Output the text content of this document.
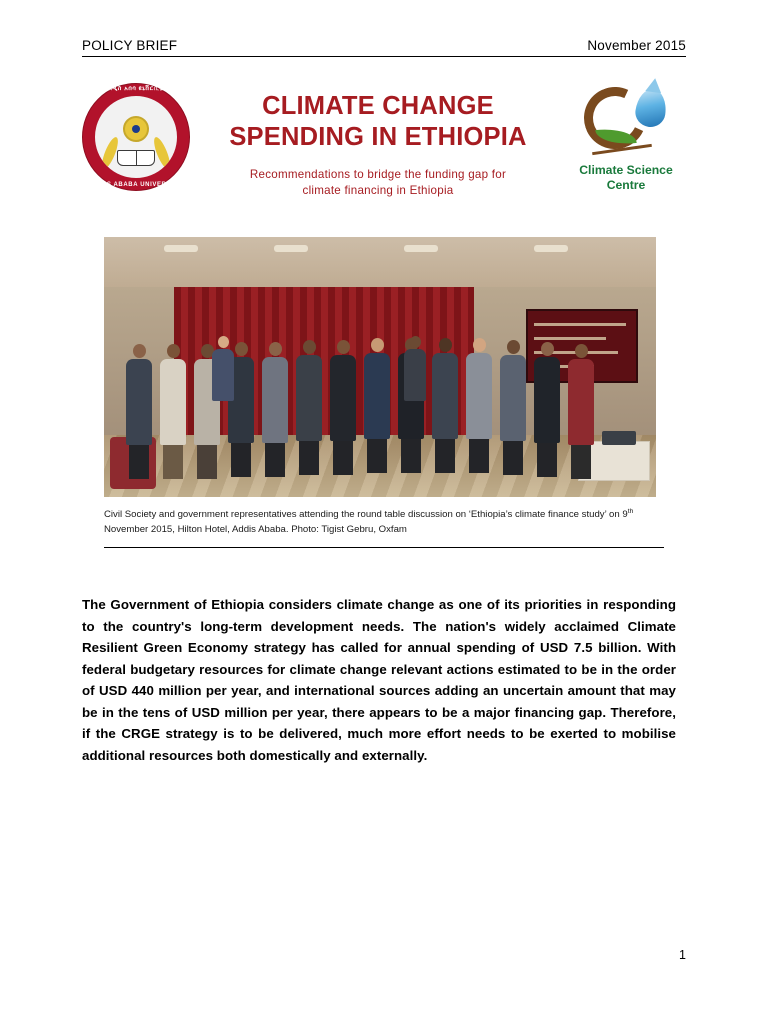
POLICY BRIEF	November 2015
አዲስ አበባ ዩኒቨርሲቲ
ADDIS ABABA UNIVERSITY
CLIMATE CHANGE
SPENDING IN ETHIOPIA
Recommendations to bridge the funding gap for
climate financing in Ethiopia
Climate Science
Centre
Civil Society and government representatives attending the round table discussion on ‘Ethiopia’s climate finance study’ on 9th November 2015, Hilton Hotel, Addis Ababa. Photo: Tigist Gebru, Oxfam
The Government of Ethiopia considers climate change as one of its priorities in responding to the country's long-term development needs. The nation's widely acclaimed Climate Resilient Green Economy strategy has called for annual spending of USD 7.5 billion. With federal budgetary resources for climate change relevant actions estimated to be in the order of USD 440 million per year, and international sources adding an uncertain amount that may be in the tens of USD million per year, there appears to be a major financing gap. Therefore, if the CRGE strategy is to be delivered, much more effort needs to be exerted to mobilise additional resources both domestically and externally.
1
